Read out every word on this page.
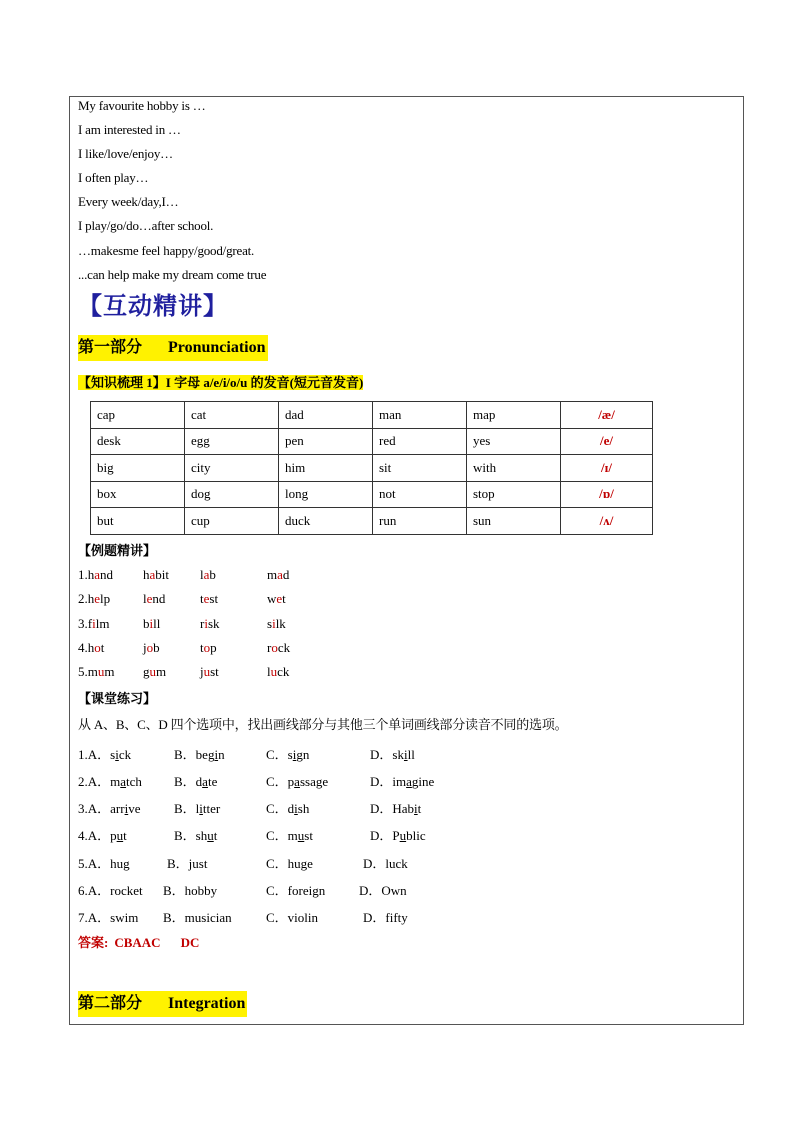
My favourite hobby is …
I am interested in …
I like/love/enjoy…
I often play…
Every week/day,I…
I play/go/do…after school.
…makesme feel happy/good/great.
...can help make my dream come true
【互动精讲】
第一部分 Pronunciation
【知识梳理 1】I 字母 a/e/i/o/u 的发音(短元音发音)
cap	cat	dad	man	map	/æ/
desk	egg	pen	red	yes	/e/
big	city	him	sit	with	/ɪ/
box	dog	long	not	stop	/ɒ/
but	cup	duck	run	sun	/ʌ/
【例题精讲】
1.hand habit lab	mad
2.help	lend	test	wet
3.film	bill	risk	silk
4.hot	job	top	rock
5.mum gum	just	luck
【课堂练习】
从 A、B、C、D 四个选项中，找出画线部分与其他三个单词画线部分读音不同的选项。
1.A．sick	B．begin	C．sign	D．skill
2.A．match B．date	C．passage	D．imagine
3.A．arrive	B．litter	C．dish	D．Habit
4.A．put	B．shut	C．must	D．Public
5.A．hug	B．just	C．huge	D．luck
6.A．rocket B．hobby	C．foreign	D．Own
7.A．swim B．musician	C．violin	D．fifty
答案: CBAAC DC
第二部分 Integration
